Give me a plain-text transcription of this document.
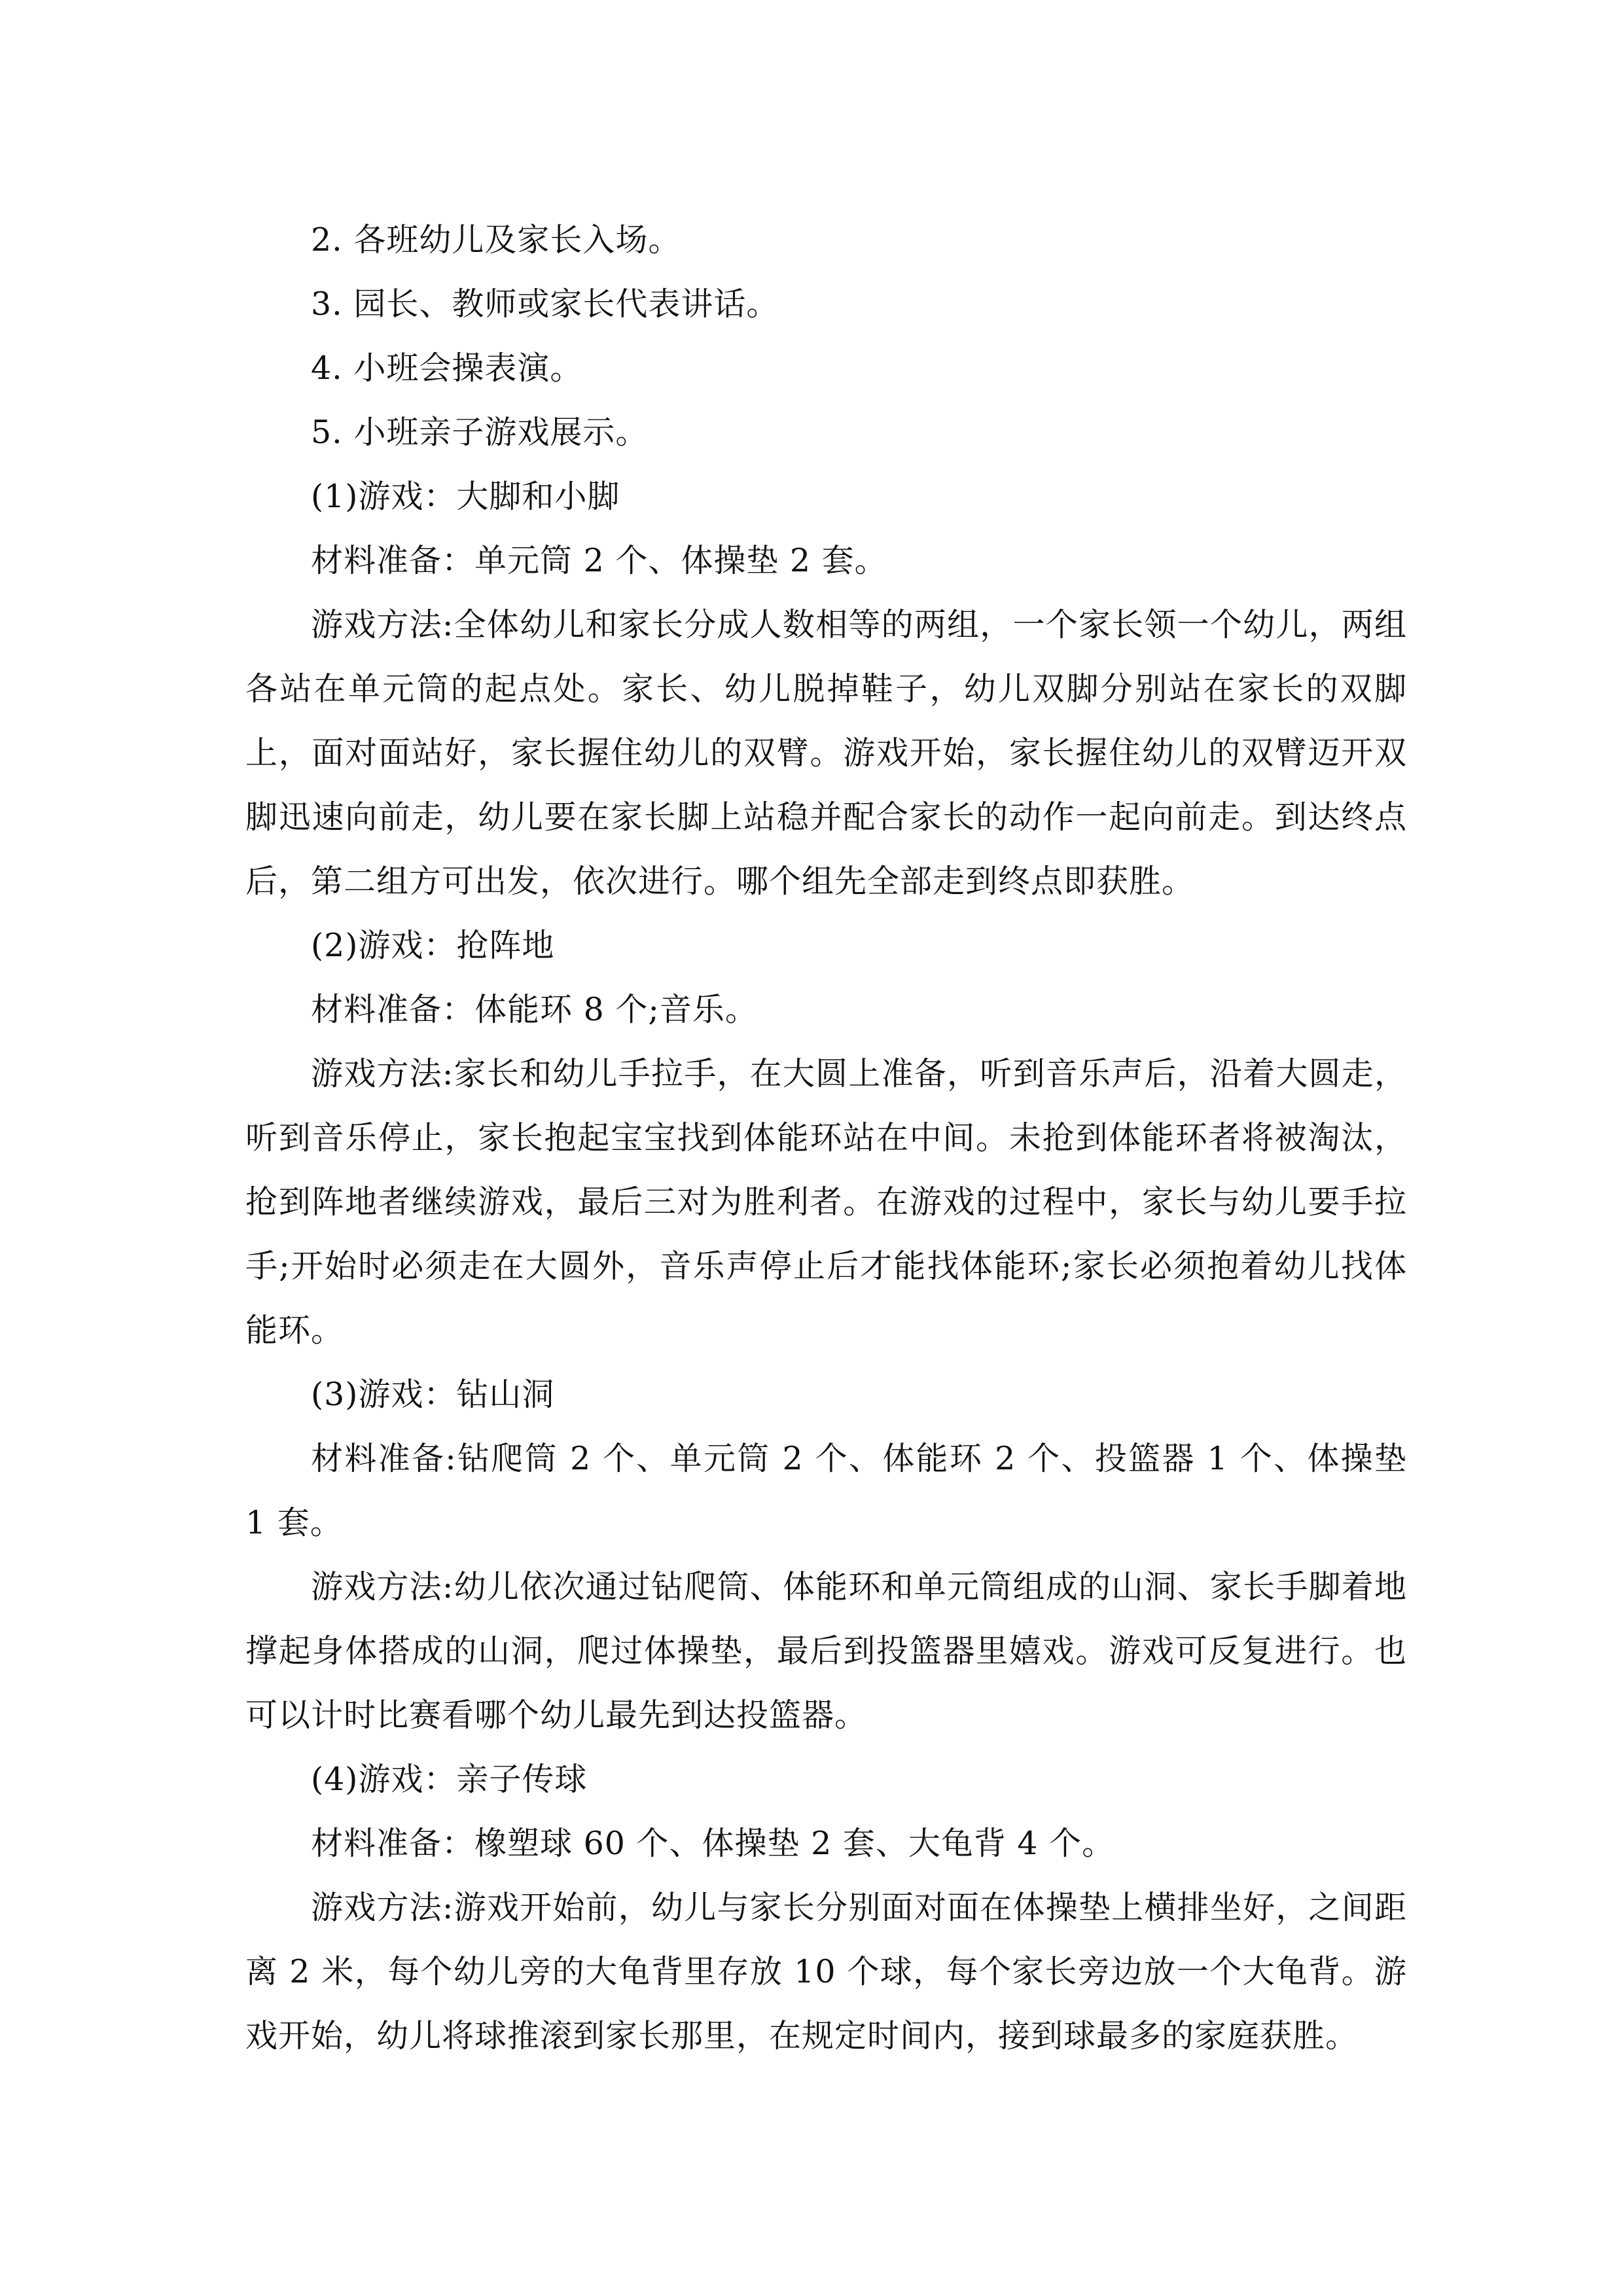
2. 各班幼儿及家长入场。

3. 园长、教师或家长代表讲话。

4. 小班会操表演。

5. 小班亲子游戏展示。

(1)游戏：大脚和小脚

材料准备：单元筒 2 个、体操垫 2 套。

游戏方法:全体幼儿和家长分成人数相等的两组，一个家长领一个幼儿，两组各站在单元筒的起点处。家长、幼儿脱掉鞋子，幼儿双脚分别站在家长的双脚上，面对面站好，家长握住幼儿的双臂。游戏开始，家长握住幼儿的双臂迈开双脚迅速向前走，幼儿要在家长脚上站稳并配合家长的动作一起向前走。到达终点后，第二组方可出发，依次进行。哪个组先全部走到终点即获胜。

(2)游戏：抢阵地

材料准备：体能环 8 个;音乐。

游戏方法:家长和幼儿手拉手，在大圆上准备，听到音乐声后，沿着大圆走，听到音乐停止，家长抱起宝宝找到体能环站在中间。未抢到体能环者将被淘汰，抢到阵地者继续游戏，最后三对为胜利者。在游戏的过程中，家长与幼儿要手拉手;开始时必须走在大圆外，音乐声停止后才能找体能环;家长必须抱着幼儿找体能环。

(3)游戏：钻山洞

材料准备:钻爬筒 2 个、单元筒 2 个、体能环 2 个、投篮器 1 个、体操垫 1 套。

游戏方法:幼儿依次通过钻爬筒、体能环和单元筒组成的山洞、家长手脚着地撑起身体搭成的山洞，爬过体操垫，最后到投篮器里嬉戏。游戏可反复进行。也可以计时比赛看哪个幼儿最先到达投篮器。

(4)游戏：亲子传球

材料准备：橡塑球 60 个、体操垫 2 套、大龟背 4 个。

游戏方法:游戏开始前，幼儿与家长分别面对面在体操垫上横排坐好，之间距离 2 米，每个幼儿旁的大龟背里存放 10 个球，每个家长旁边放一个大龟背。游戏开始，幼儿将球推滚到家长那里，在规定时间内，接到球最多的家庭获胜。
